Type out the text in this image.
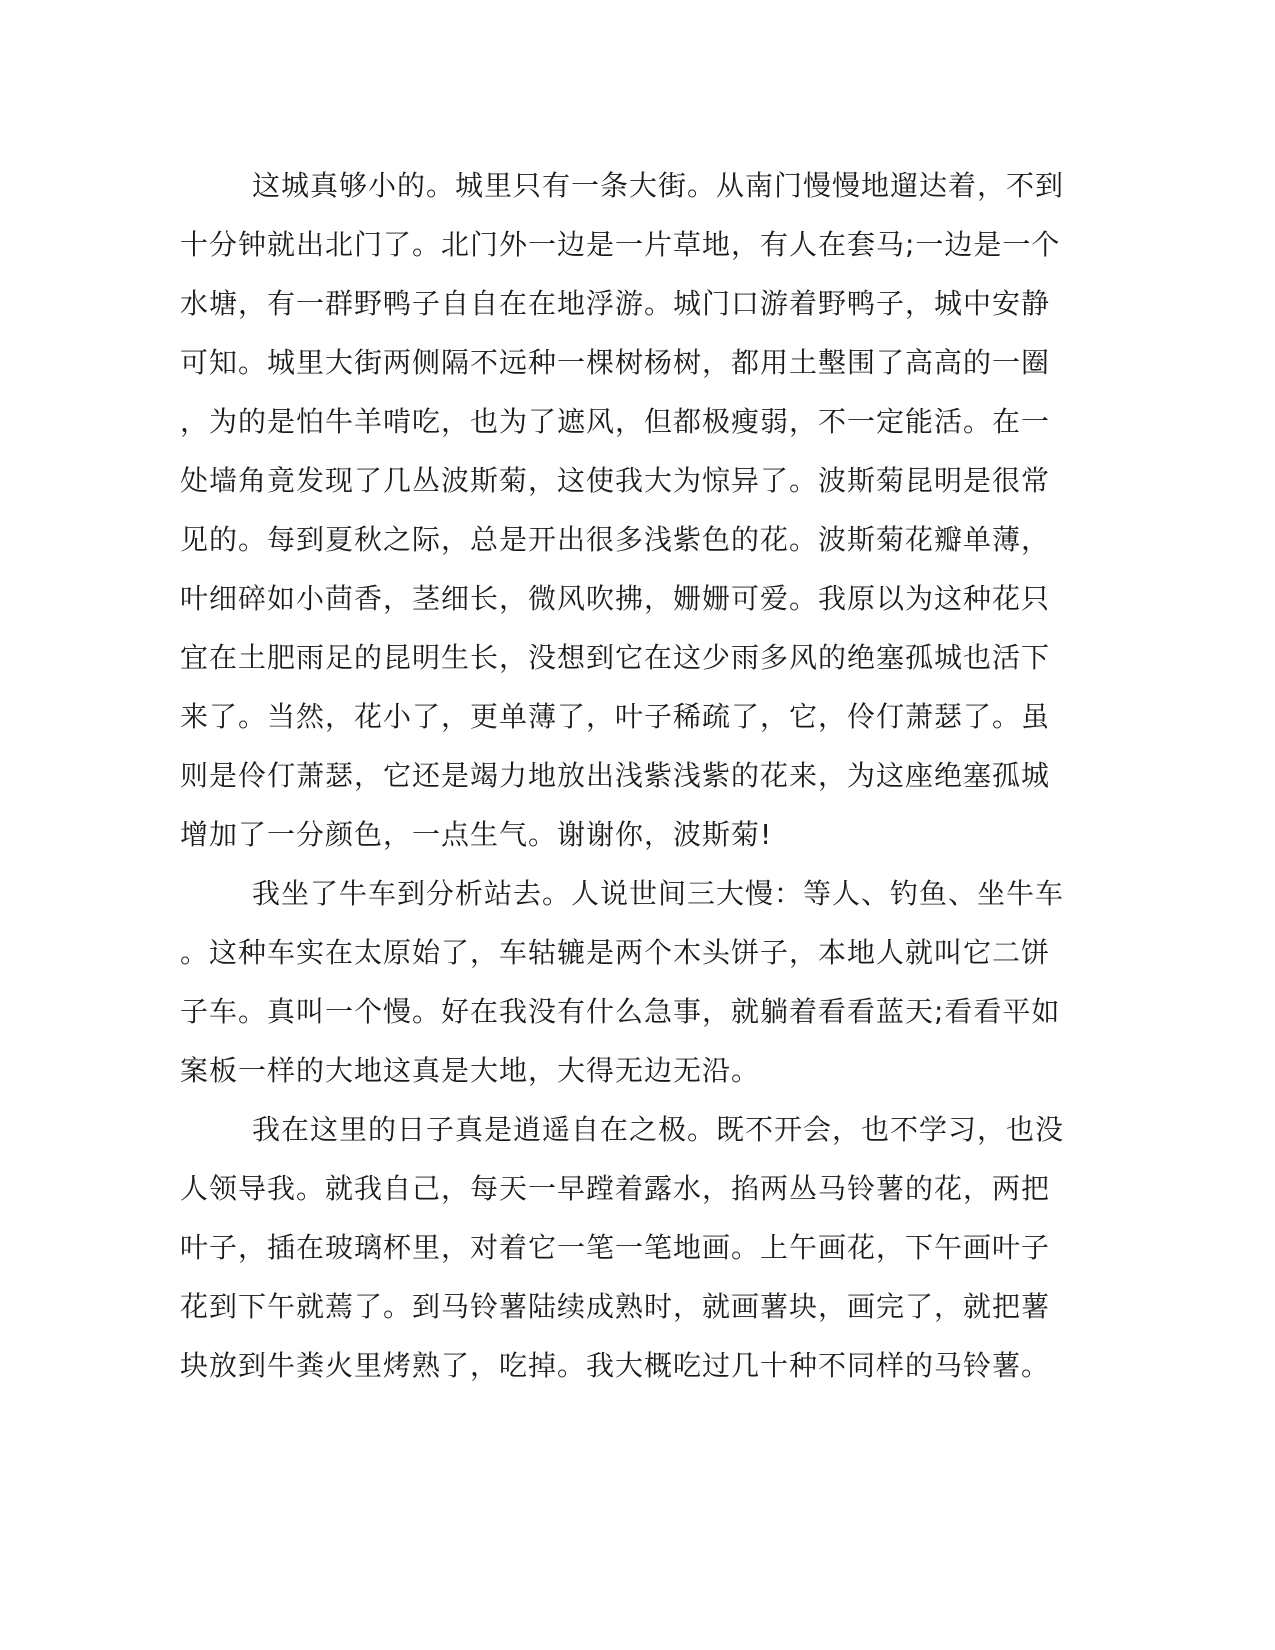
这城真够小的。城里只有一条大街。从南门慢慢地遛达着，不到
十分钟就出北门了。北门外一边是一片草地，有人在套马;一边是一个
水塘，有一群野鸭子自自在在地浮游。城门口游着野鸭子，城中安静
可知。城里大街两侧隔不远种一棵树杨树，都用土墼围了高高的一圈
，为的是怕牛羊啃吃，也为了遮风，但都极瘦弱，不一定能活。在一
处墙角竟发现了几丛波斯菊，这使我大为惊异了。波斯菊昆明是很常
见的。每到夏秋之际，总是开出很多浅紫色的花。波斯菊花瓣单薄，
叶细碎如小茴香，茎细长，微风吹拂，姗姗可爱。我原以为这种花只
宜在土肥雨足的昆明生长，没想到它在这少雨多风的绝塞孤城也活下
来了。当然，花小了，更单薄了，叶子稀疏了，它，伶仃萧瑟了。虽
则是伶仃萧瑟，它还是竭力地放出浅紫浅紫的花来，为这座绝塞孤城
增加了一分颜色，一点生气。谢谢你，波斯菊!
我坐了牛车到分析站去。人说世间三大慢：等人、钓鱼、坐牛车
。这种车实在太原始了，车轱辘是两个木头饼子，本地人就叫它二饼
子车。真叫一个慢。好在我没有什么急事，就躺着看看蓝天;看看平如
案板一样的大地这真是大地，大得无边无沿。
我在这里的日子真是逍遥自在之极。既不开会，也不学习，也没
人领导我。就我自己，每天一早蹚着露水，掐两丛马铃薯的花，两把
叶子，插在玻璃杯里，对着它一笔一笔地画。上午画花，下午画叶子
花到下午就蔫了。到马铃薯陆续成熟时，就画薯块，画完了，就把薯
块放到牛粪火里烤熟了，吃掉。我大概吃过几十种不同样的马铃薯。
